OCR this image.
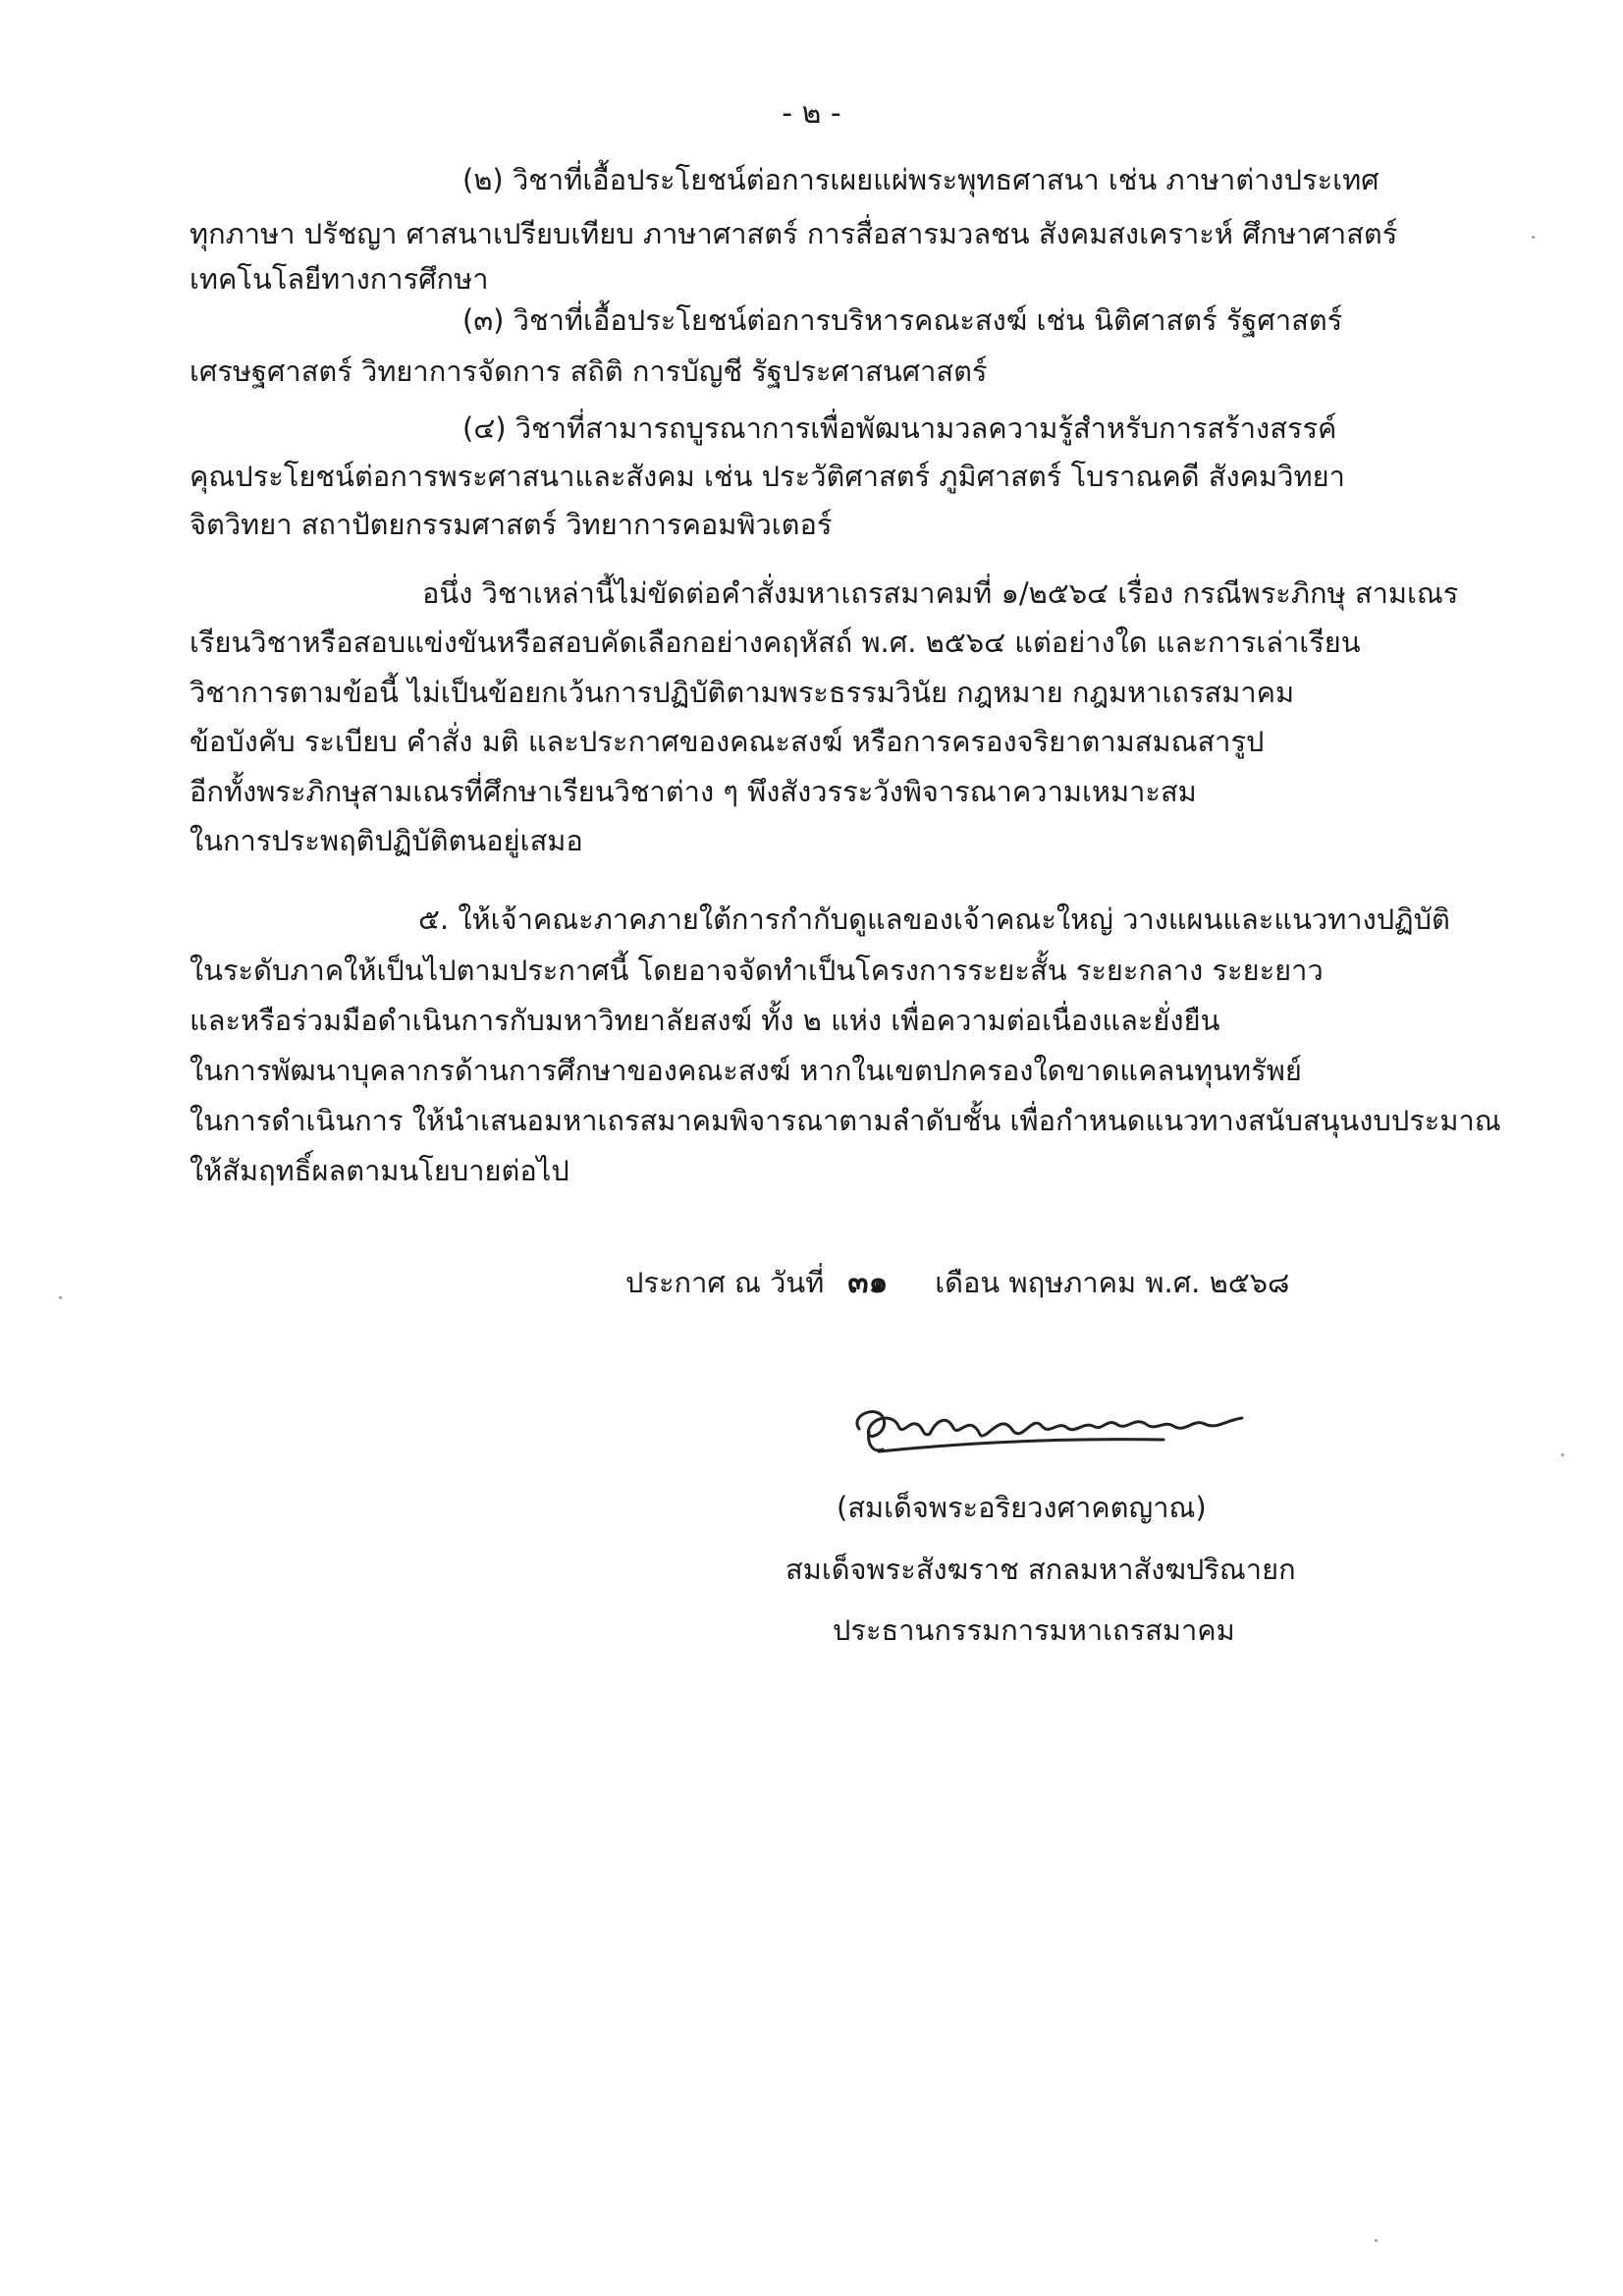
- ๒ -
(๒) วิชาที่เอื้อประโยชน์ต่อการเผยแผ่พระพุทธศาสนา เช่น ภาษาต่างประเทศ
ทุกภาษา ปรัชญา ศาสนาเปรียบเทียบ ภาษาศาสตร์ การสื่อสารมวลชน สังคมสงเคราะห์ ศึกษาศาสตร์
เทคโนโลยีทางการศึกษา
(๓) วิชาที่เอื้อประโยชน์ต่อการบริหารคณะสงฆ์ เช่น นิติศาสตร์ รัฐศาสตร์
เศรษฐศาสตร์ วิทยาการจัดการ สถิติ การบัญชี รัฐประศาสนศาสตร์
(๔) วิชาที่สามารถบูรณาการเพื่อพัฒนามวลความรู้สำหรับการสร้างสรรค์
คุณประโยชน์ต่อการพระศาสนาและสังคม เช่น ประวัติศาสตร์ ภูมิศาสตร์ โบราณคดี สังคมวิทยา
จิตวิทยา สถาปัตยกรรมศาสตร์ วิทยาการคอมพิวเตอร์
อนึ่ง วิชาเหล่านี้ไม่ขัดต่อคำสั่งมหาเถรสมาคมที่ ๑/๒๕๖๔ เรื่อง กรณีพระภิกษุ สามเณร
เรียนวิชาหรือสอบแข่งขันหรือสอบคัดเลือกอย่างคฤหัสถ์ พ.ศ. ๒๕๖๔ แต่อย่างใด และการเล่าเรียน
วิชาการตามข้อนี้ ไม่เป็นข้อยกเว้นการปฏิบัติตามพระธรรมวินัย กฎหมาย กฎมหาเถรสมาคม
ข้อบังคับ ระเบียบ คำสั่ง มติ และประกาศของคณะสงฆ์ หรือการครองจริยาตามสมณสารูป
อีกทั้งพระภิกษุสามเณรที่ศึกษาเรียนวิชาต่าง ๆ พึงสังวรระวังพิจารณาความเหมาะสม
ในการประพฤติปฏิบัติตนอยู่เสมอ
๕. ให้เจ้าคณะภาคภายใต้การกำกับดูแลของเจ้าคณะใหญ่ วางแผนและแนวทางปฏิบัติ
ในระดับภาคให้เป็นไปตามประกาศนี้ โดยอาจจัดทำเป็นโครงการระยะสั้น ระยะกลาง ระยะยาว
และหรือร่วมมือดำเนินการกับมหาวิทยาลัยสงฆ์ ทั้ง ๒ แห่ง เพื่อความต่อเนื่องและยั่งยืน
ในการพัฒนาบุคลากรด้านการศึกษาของคณะสงฆ์ หากในเขตปกครองใดขาดแคลนทุนทรัพย์
ในการดำเนินการ ให้นำเสนอมหาเถรสมาคมพิจารณาตามลำดับชั้น เพื่อกำหนดแนวทางสนับสนุนงบประมาณ
ให้สัมฤทธิ์ผลตามนโยบายต่อไป
ประกาศ ณ วันที่ ๓๑ เดือน พฤษภาคม พ.ศ. ๒๕๖๘
(สมเด็จพระอริยวงศาคตญาณ)
สมเด็จพระสังฆราช สกลมหาสังฆปริณายก
ประธานกรรมการมหาเถรสมาคม
